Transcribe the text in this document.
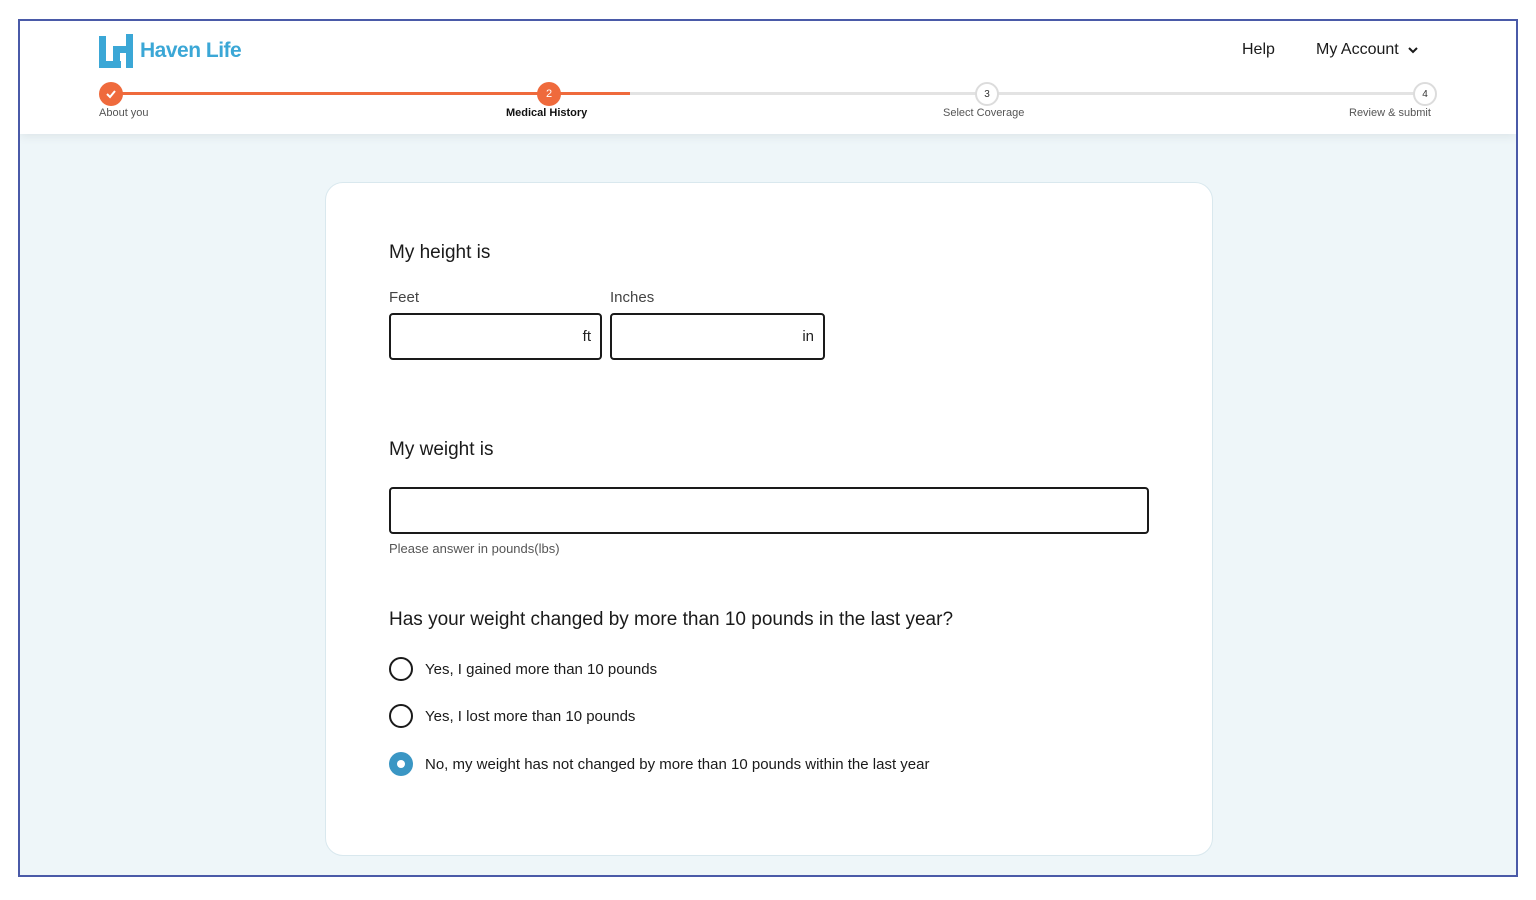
Haven Life	Help	My Account
About you
2
Medical History
3
Select Coverage
4
Review & submit
My height is
Feet
ft
Inches
in
My weight is
Please answer in pounds(lbs)
Has your weight changed by more than 10 pounds in the last year?
Yes, I gained more than 10 pounds
Yes, I lost more than 10 pounds
No, my weight has not changed by more than 10 pounds within the last year
